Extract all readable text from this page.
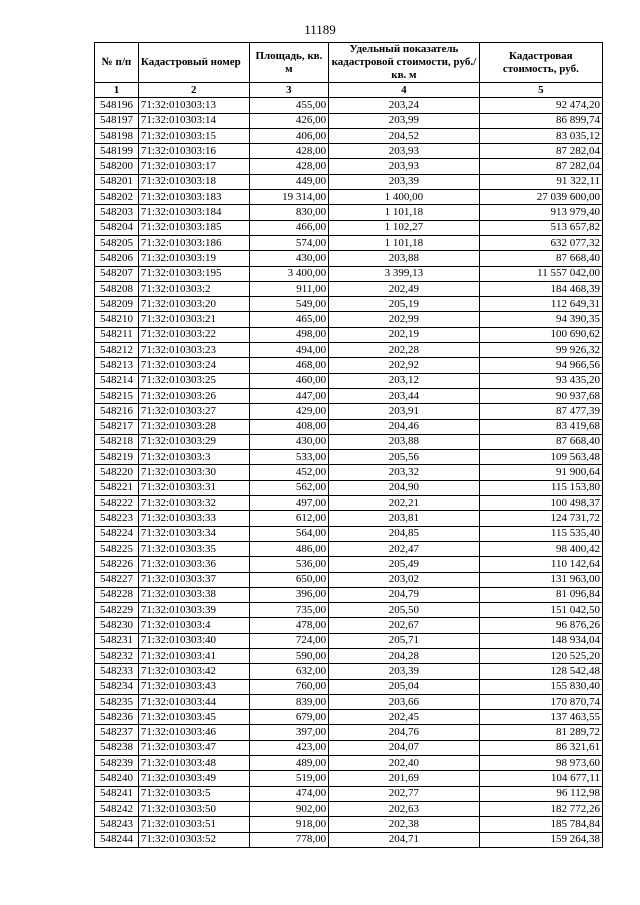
11189
№ п/п	Кадастровый номер	Площадь, кв. м	Удельный показатель кадастровой стоимости, руб./кв. м	Кадастровая стоимость, руб.
1	2	3	4	5
548196	71:32:010303:13	455,00	203,24	92 474,20
548197	71:32:010303:14	426,00	203,99	86 899,74
548198	71:32:010303:15	406,00	204,52	83 035,12
548199	71:32:010303:16	428,00	203,93	87 282,04
548200	71:32:010303:17	428,00	203,93	87 282,04
548201	71:32:010303:18	449,00	203,39	91 322,11
548202	71:32:010303:183	19 314,00	1 400,00	27 039 600,00
548203	71:32:010303:184	830,00	1 101,18	913 979,40
548204	71:32:010303:185	466,00	1 102,27	513 657,82
548205	71:32:010303:186	574,00	1 101,18	632 077,32
548206	71:32:010303:19	430,00	203,88	87 668,40
548207	71:32:010303:195	3 400,00	3 399,13	11 557 042,00
548208	71:32:010303:2	911,00	202,49	184 468,39
548209	71:32:010303:20	549,00	205,19	112 649,31
548210	71:32:010303:21	465,00	202,99	94 390,35
548211	71:32:010303:22	498,00	202,19	100 690,62
548212	71:32:010303:23	494,00	202,28	99 926,32
548213	71:32:010303:24	468,00	202,92	94 966,56
548214	71:32:010303:25	460,00	203,12	93 435,20
548215	71:32:010303:26	447,00	203,44	90 937,68
548216	71:32:010303:27	429,00	203,91	87 477,39
548217	71:32:010303:28	408,00	204,46	83 419,68
548218	71:32:010303:29	430,00	203,88	87 668,40
548219	71:32:010303:3	533,00	205,56	109 563,48
548220	71:32:010303:30	452,00	203,32	91 900,64
548221	71:32:010303:31	562,00	204,90	115 153,80
548222	71:32:010303:32	497,00	202,21	100 498,37
548223	71:32:010303:33	612,00	203,81	124 731,72
548224	71:32:010303:34	564,00	204,85	115 535,40
548225	71:32:010303:35	486,00	202,47	98 400,42
548226	71:32:010303:36	536,00	205,49	110 142,64
548227	71:32:010303:37	650,00	203,02	131 963,00
548228	71:32:010303:38	396,00	204,79	81 096,84
548229	71:32:010303:39	735,00	205,50	151 042,50
548230	71:32:010303:4	478,00	202,67	96 876,26
548231	71:32:010303:40	724,00	205,71	148 934,04
548232	71:32:010303:41	590,00	204,28	120 525,20
548233	71:32:010303:42	632,00	203,39	128 542,48
548234	71:32:010303:43	760,00	205,04	155 830,40
548235	71:32:010303:44	839,00	203,66	170 870,74
548236	71:32:010303:45	679,00	202,45	137 463,55
548237	71:32:010303:46	397,00	204,76	81 289,72
548238	71:32:010303:47	423,00	204,07	86 321,61
548239	71:32:010303:48	489,00	202,40	98 973,60
548240	71:32:010303:49	519,00	201,69	104 677,11
548241	71:32:010303:5	474,00	202,77	96 112,98
548242	71:32:010303:50	902,00	202,63	182 772,26
548243	71:32:010303:51	918,00	202,38	185 784,84
548244	71:32:010303:52	778,00	204,71	159 264,38
